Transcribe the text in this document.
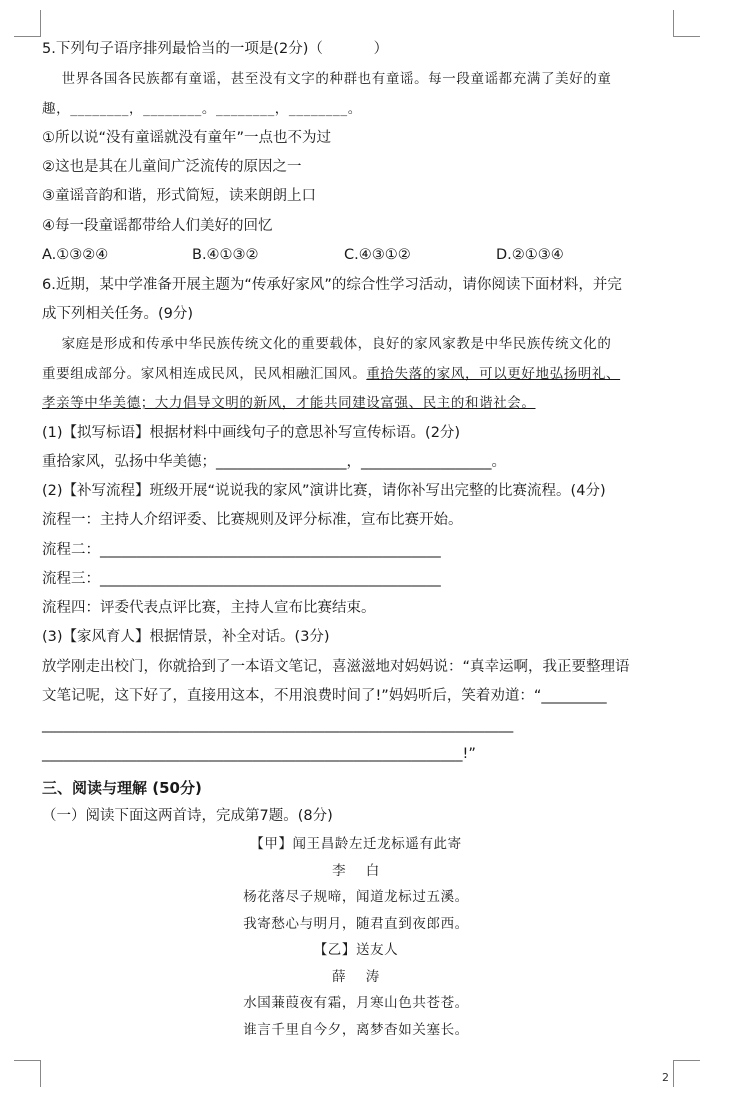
5.下列句子语序排列最恰当的一项是(2分)（           ）
世界各国各民族都有童谣，甚至没有文字的种群也有童谣。每一段童谣都充满了美好的童
趣，________，________。________，________。
①所以说“没有童谣就没有童年”一点也不为过
②这也是其在儿童间广泛流传的原因之一
③童谣音韵和谐，形式简短，读来朗朗上口
④每一段童谣都带给人们美好的回忆
A.①③②④	B.④①③②	C.④③①②	D.②①③④
6.近期，某中学准备开展主题为“传承好家风”的综合性学习活动，请你阅读下面材料，并完
成下列相关任务。(9分)
家庭是形成和传承中华民族传统文化的重要载体，良好的家风家教是中华民族传统文化的
重要组成部分。家风相连成民风，民风相融汇国风。重拾失落的家风，可以更好地弘扬明礼、
孝亲等中华美德；大力倡导文明的新风，才能共同建设富强、民主的和谐社会。
(1)【拟写标语】根据材料中画线句子的意思补写宣传标语。(2分)
重拾家风，弘扬中华美德；__________________，__________________。
(2)【补写流程】班级开展“说说我的家风”演讲比赛，请你补写出完整的比赛流程。(4分)
流程一：主持人介绍评委、比赛规则及评分标准，宣布比赛开始。
流程二：_______________________________________________
流程三：_______________________________________________
流程四：评委代表点评比赛，主持人宣布比赛结束。
(3)【家风育人】根据情景，补全对话。(3分)
放学刚走出校门，你就拾到了一本语文笔记，喜滋滋地对妈妈说：“真幸运啊，我正要整理语
文笔记呢，这下好了，直接用这本，不用浪费时间了!”妈妈听后，笑着劝道：“_________
_________________________________________________________________
__________________________________________________________!”
三、阅读与理解 (50分)
（一）阅读下面这两首诗，完成第7题。(8分)
【甲】闻王昌龄左迁龙标遥有此寄
李    白
杨花落尽子规啼，闻道龙标过五溪。
我寄愁心与明月，随君直到夜郎西。
【乙】送友人
薛    涛
水国蒹葭夜有霜，月寒山色共苍苍。
谁言千里自今夕，离梦杳如关塞长。
2
